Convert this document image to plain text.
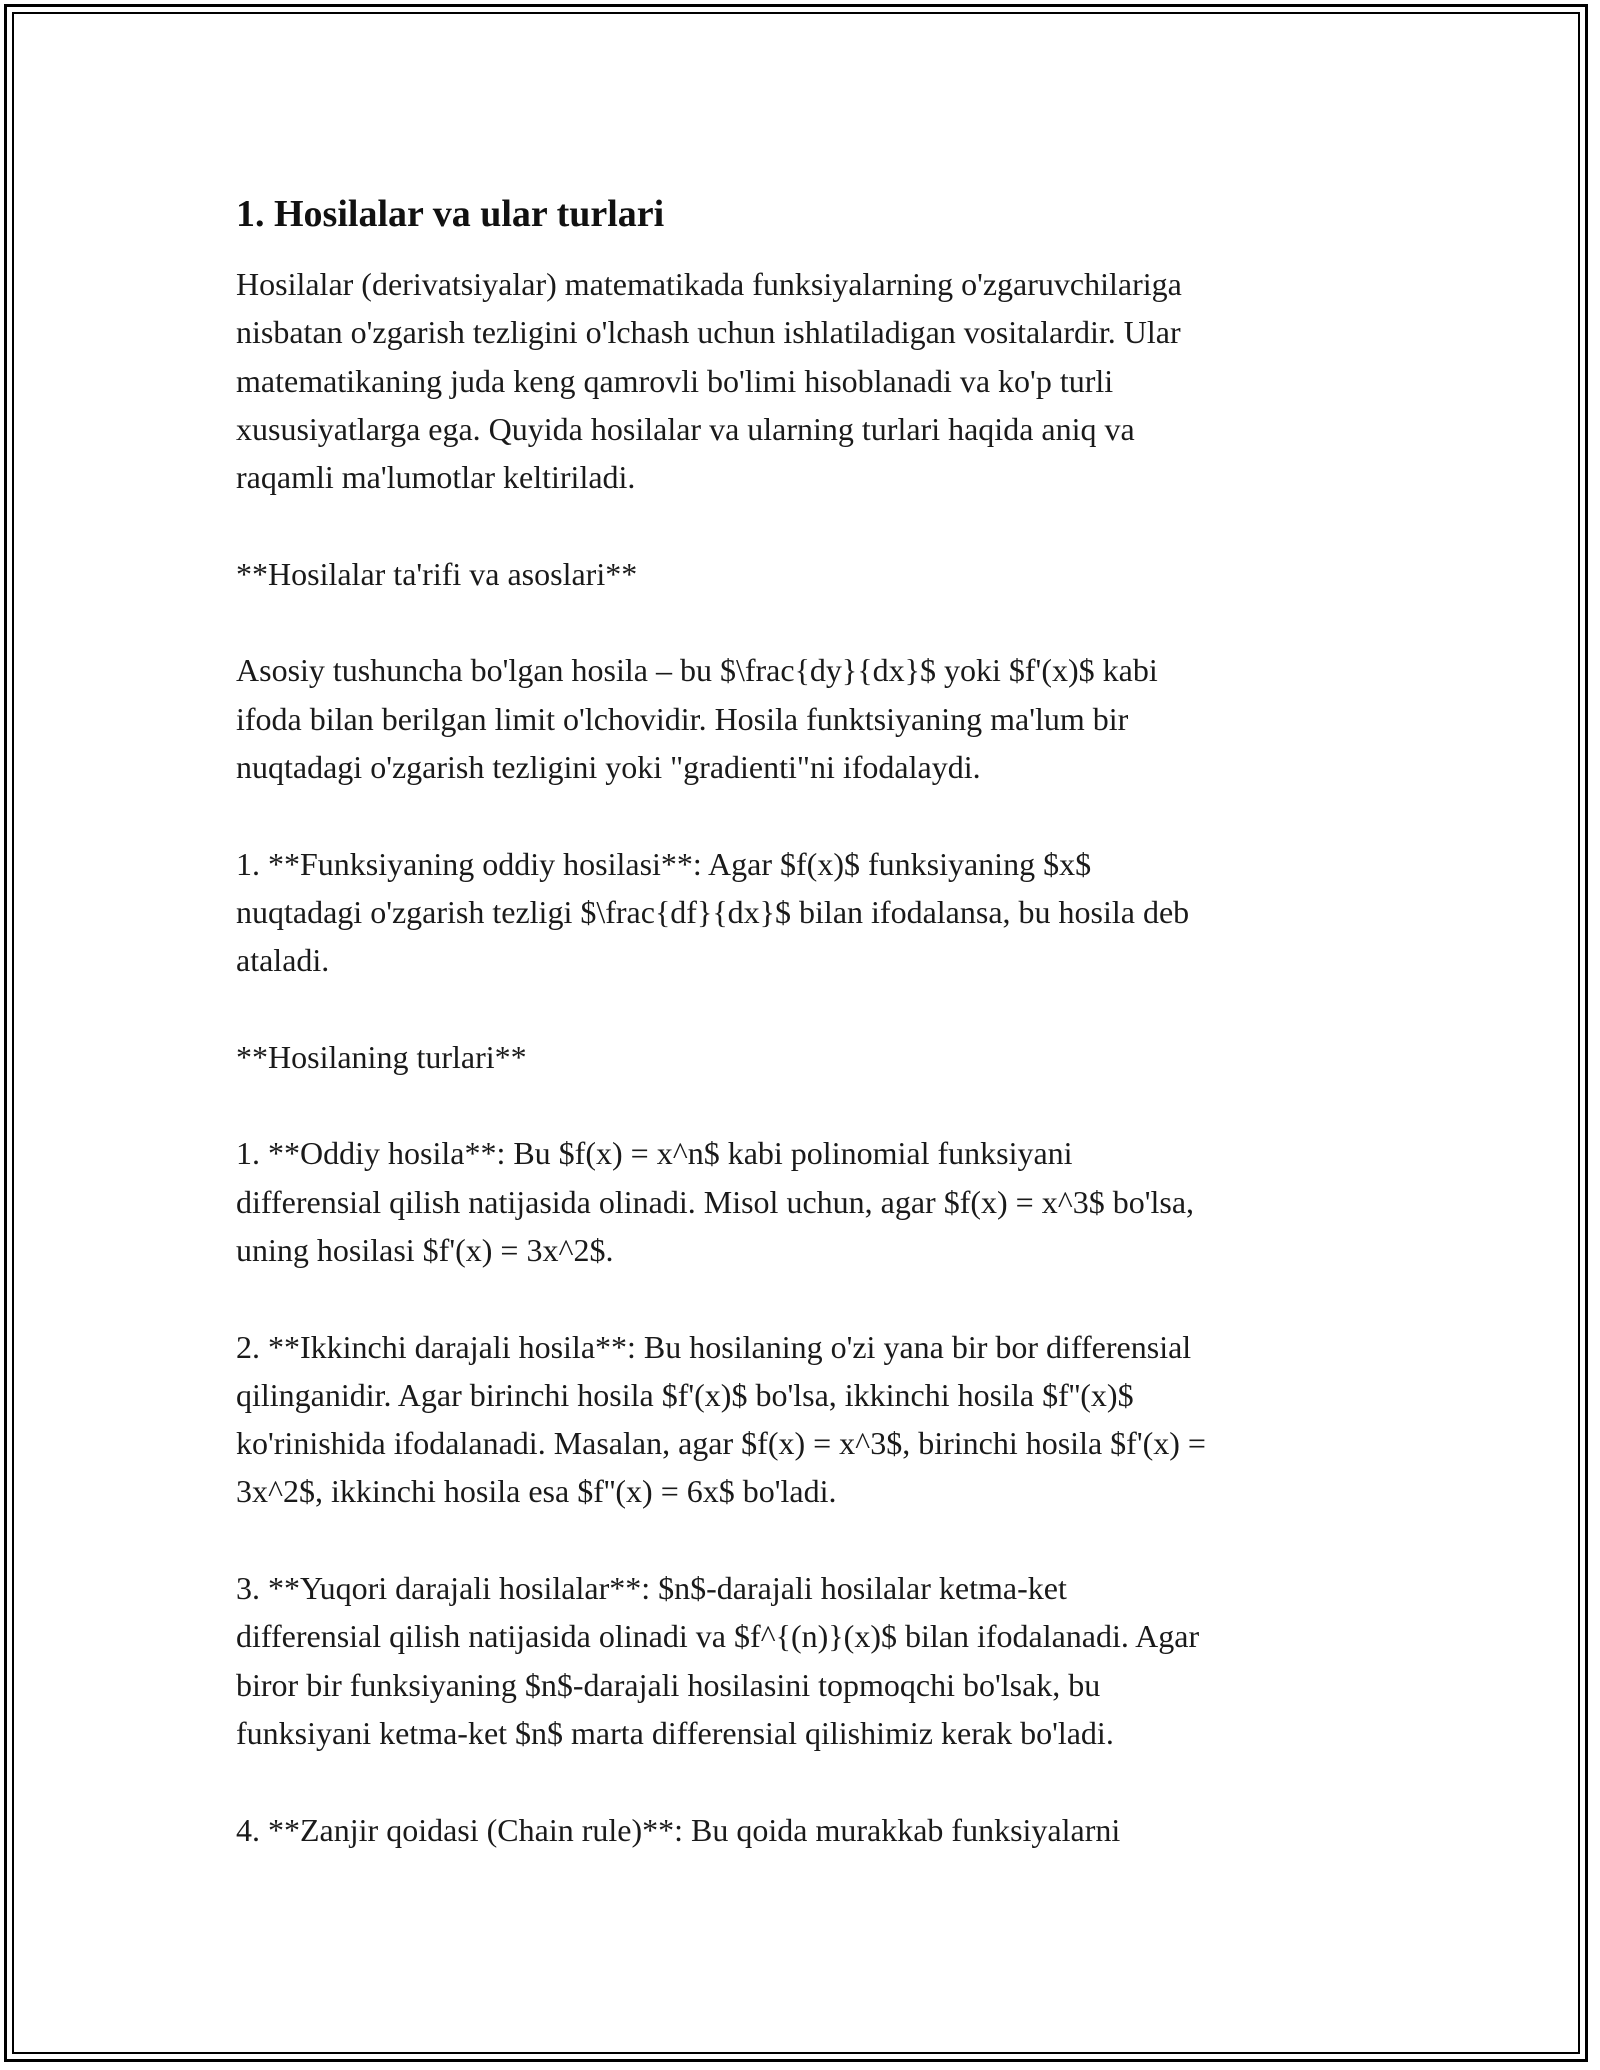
1. Hosilalar va ular turlari

Hosilalar (derivatsiyalar) matematikada funksiyalarning o'zgaruvchilariga
nisbatan o'zgarish tezligini o'lchash uchun ishlatiladigan vositalardir. Ular
matematikaning juda keng qamrovli bo'limi hisoblanadi va ko'p turli
xususiyatlarga ega. Quyida hosilalar va ularning turlari haqida aniq va
raqamli ma'lumotlar keltiriladi.

**Hosilalar ta'rifi va asoslari**

Asosiy tushuncha bo'lgan hosila – bu $\frac{dy}{dx}$ yoki $f'(x)$ kabi
ifoda bilan berilgan limit o'lchovidir. Hosila funktsiyaning ma'lum bir
nuqtadagi o'zgarish tezligini yoki "gradienti"ni ifodalaydi.

1. **Funksiyaning oddiy hosilasi**: Agar $f(x)$ funksiyaning $x$
nuqtadagi o'zgarish tezligi $\frac{df}{dx}$ bilan ifodalansa, bu hosila deb
ataladi.

**Hosilaning turlari**

1. **Oddiy hosila**: Bu $f(x) = x^n$ kabi polinomial funksiyani
differensial qilish natijasida olinadi. Misol uchun, agar $f(x) = x^3$ bo'lsa,
uning hosilasi $f'(x) = 3x^2$.

2. **Ikkinchi darajali hosila**: Bu hosilaning o'zi yana bir bor differensial
qilinganidir. Agar birinchi hosila $f'(x)$ bo'lsa, ikkinchi hosila $f''(x)$
ko'rinishida ifodalanadi. Masalan, agar $f(x) = x^3$, birinchi hosila $f'(x) =
3x^2$, ikkinchi hosila esa $f''(x) = 6x$ bo'ladi.

3. **Yuqori darajali hosilalar**: $n$-darajali hosilalar ketma-ket
differensial qilish natijasida olinadi va $f^{(n)}(x)$ bilan ifodalanadi. Agar
biror bir funksiyaning $n$-darajali hosilasini topmoqchi bo'lsak, bu
funksiyani ketma-ket $n$ marta differensial qilishimiz kerak bo'ladi.

4. **Zanjir qoidasi (Chain rule)**: Bu qoida murakkab funksiyalarni
